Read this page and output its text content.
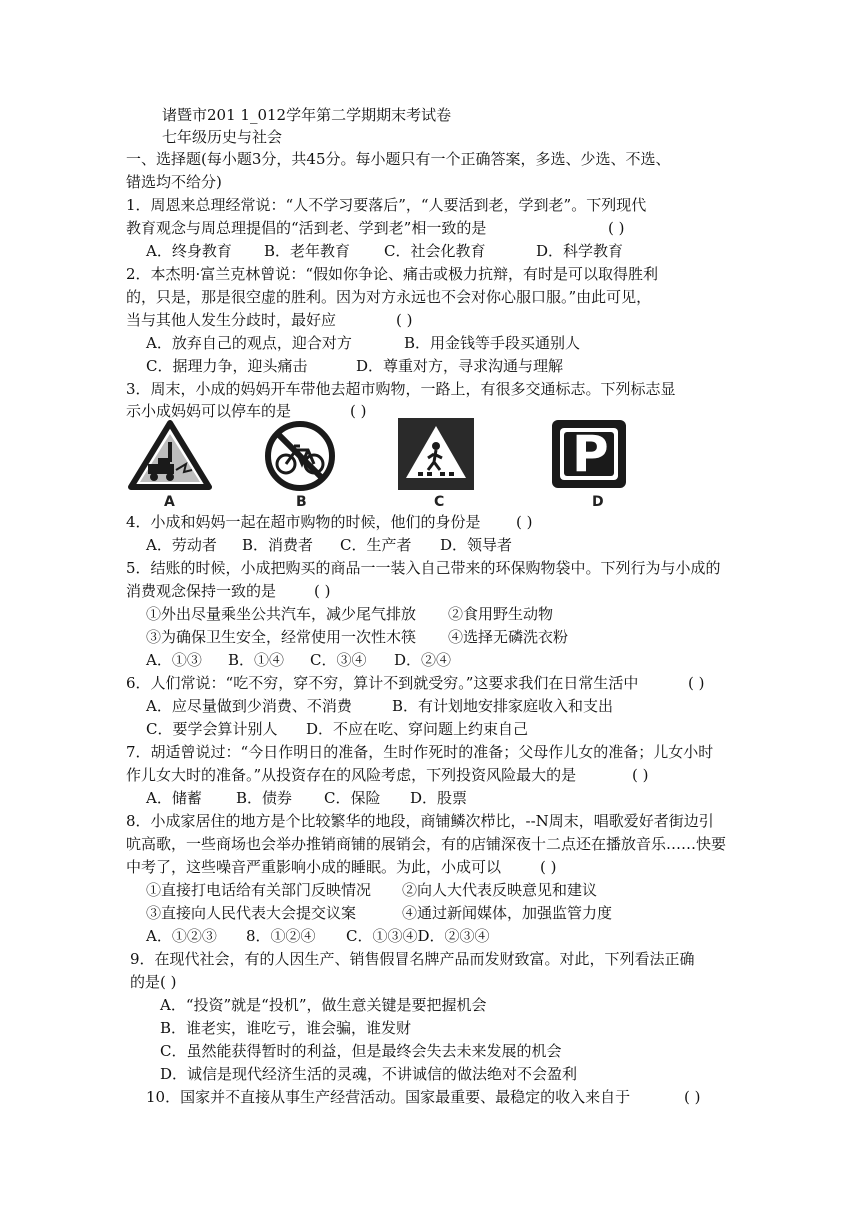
诸暨市201 1_012学年第二学期期末考试卷
七年级历史与社会
一、选择题(每小题3分，共45分。每小题只有一个正确答案，多选、少选、不选、
错选均不给分)
1．周恩来总理经常说：“人不学习要落后”，“人要活到老，学到老”。下列现代
教育观念与周总理提倡的“活到老、学到老”相一致的是	( )
A．终身教育 B．老年教育 C．社会化教育	D．科学教育
2．本杰明·富兰克林曾说：“假如你争论、痛击或极力抗辩，有时是可以取得胜利
的，只是，那是很空虚的胜利。因为对方永远也不会对你心服口服。”由此可见，
当与其他人发生分歧时，最好应	( )
A．放弃自己的观点，迎合对方	B．用金钱等手段买通别人
C．据理力争，迎头痛击	D．尊重对方，寻求沟通与理解
3．周末，小成的妈妈开车带他去超市购物，一路上，有很多交通标志。下列标志显
示小成妈妈可以停车的是	( )
A	B	C
P
D
4．小成和妈妈一起在超市购物的时候，他们的身份是 ( )
A．劳动者 B．消费者 C．生产者 D．领导者
5．结账的时候，小成把购买的商品一一装入自己带来的环保购物袋中。下列行为与小成的
消费观念保持一致的是	( )
①外出尽量乘坐公共汽车，减少尾气排放 ②食用野生动物
③为确保卫生安全，经常使用一次性木筷 ④选择无磷洗衣粉
A．①③ B．①④ C．③④ D．②④
6．人们常说：“吃不穷，穿不穷，算计不到就受穷。”这要求我们在日常生活中	( )
A．应尽量做到少消费、不消费	B．有计划地安排家庭收入和支出
C．要学会算计别人 D．不应在吃、穿问题上约束自己
7．胡适曾说过：“今日作明日的准备，生时作死时的准备；父母作儿女的准备；儿女小时
作儿女大时的准备。”从投资存在的风险考虑，下列投资风险最大的是	( )
A．储蓄 B．债券 C．保险 D．股票
8．小成家居住的地方是个比较繁华的地段，商铺鳞次栉比，--N周末，唱歌爱好者街边引
吭高歌，一些商场也会举办推销商铺的展销会，有的店铺深夜十二点还在播放音乐……快要
中考了，这些噪音严重影响小成的睡眠。为此，小成可以	( )
①直接打电话给有关部门反映情况 ②向人大代表反映意见和建议
③直接向人民代表大会提交议案	④通过新闻媒体，加强监管力度
A．①②③ 8．①②④ C．①③④D．②③④
9．在现代社会，有的人因生产、销售假冒名牌产品而发财致富。对此，下列看法正确
的是( )
A．“投资”就是“投机”，做生意关键是要把握机会
B．谁老实，谁吃亏，谁会骗，谁发财
C．虽然能获得暂时的利益，但是最终会失去未来发展的机会
D．诚信是现代经济生活的灵魂，不讲诚信的做法绝对不会盈利
10．国家并不直接从事生产经营活动。国家最重要、最稳定的收入来自于	( )
